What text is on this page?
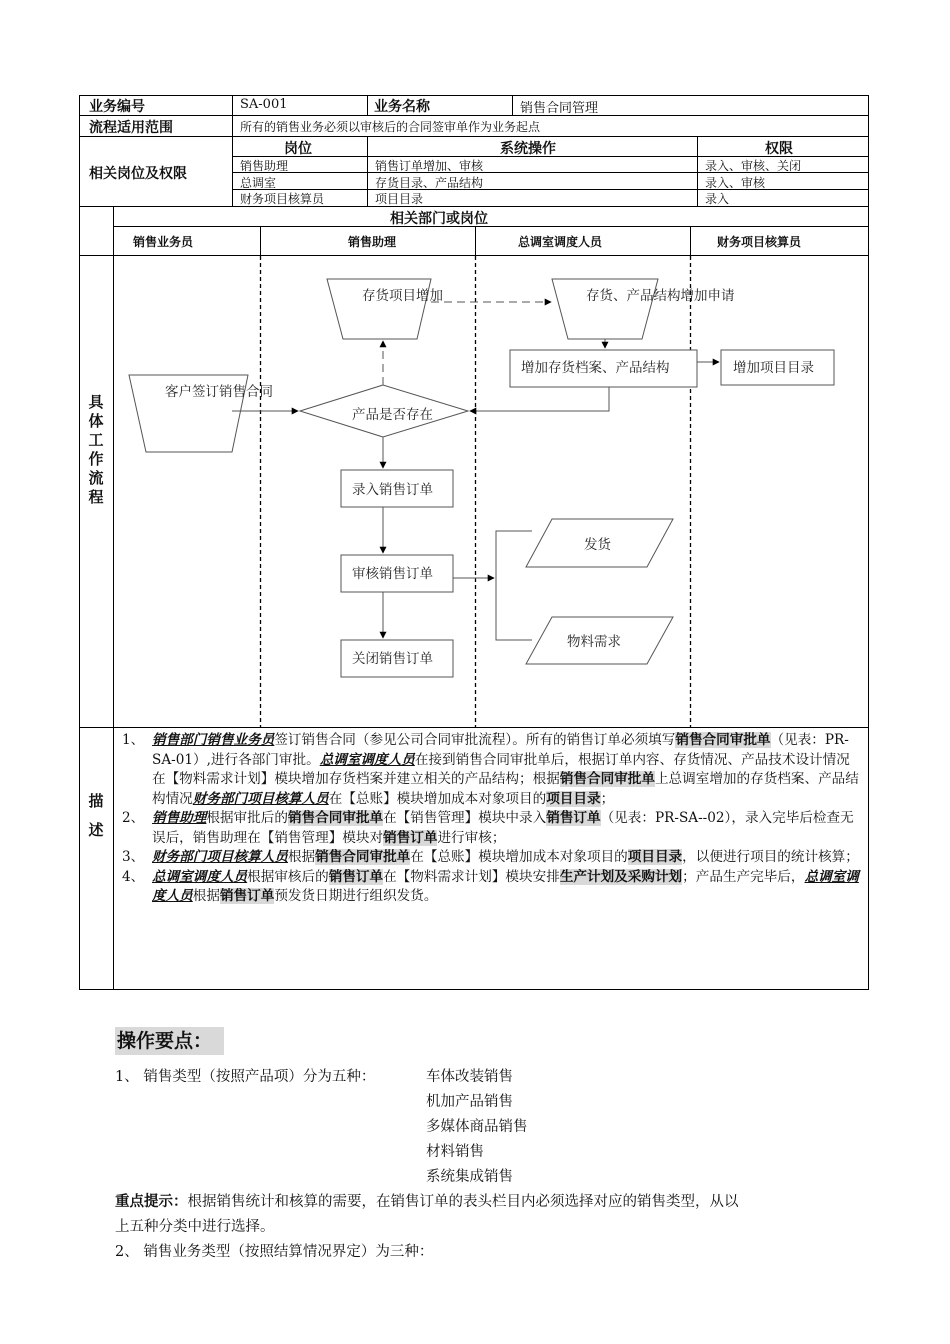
业务编号	SA-001	业务名称	销售合同管理
流程适用范围	所有的销售业务必须以审核后的合同签审单作为业务起点
相关岗位及权限
岗位	系统操作	权限
销售助理	销售订单增加、审核	录入、审核、关闭
总调室	存货目录、产品结构	录入、审核
财务项目核算员	项目目录	录入
相关部门或岗位
销售业务员	销售助理	总调室调度人员	财务项目核算员
具
体
工
作
流
程
客户签订销售合同
产品是否存在
存货项目增加	存货、产品结构增加申请
增加存货档案、产品结构	增加项目目录
录入销售订单
审核销售订单
关闭销售订单
发货
物料需求
描
述
1、 销售部门销售业务员签订销售合同（参见公司合同审批流程）。所有的销售订单必须填写销售合同审批单（见表：PR-SA-01）,进行各部门审批。总调室调度人员在接到销售合同审批单后，根据订单内容、存货情况、产品技术设计情况在【物料需求计划】模块增加存货档案并建立相关的产品结构；根据销售合同审批单上总调室增加的存货档案、产品结构情况财务部门项目核算人员在【总账】模块增加成本对象项目的项目目录；
2、 销售助理根据审批后的销售合同审批单在【销售管理】模块中录入销售订单（见表：PR-SA--02），录入完毕后检查无误后，销售助理在【销售管理】模块对销售订单进行审核；
3、 财务部门项目核算人员根据销售合同审批单在【总账】模块增加成本对象项目的项目目录，以便进行项目的统计核算；
4、 总调室调度人员根据审核后的销售订单在【物料需求计划】模块安排生产计划及采购计划；产品生产完毕后，总调室调度人员根据销售订单预发货日期进行组织发货。
操作要点：
1、 销售类型（按照产品项）分为五种：	车体改装销售
机加产品销售
多媒体商品销售
材料销售
系统集成销售
重点提示：根据销售统计和核算的需要，在销售订单的表头栏目内必须选择对应的销售类型，从以
上五种分类中进行选择。
2、 销售业务类型（按照结算情况界定）为三种：
